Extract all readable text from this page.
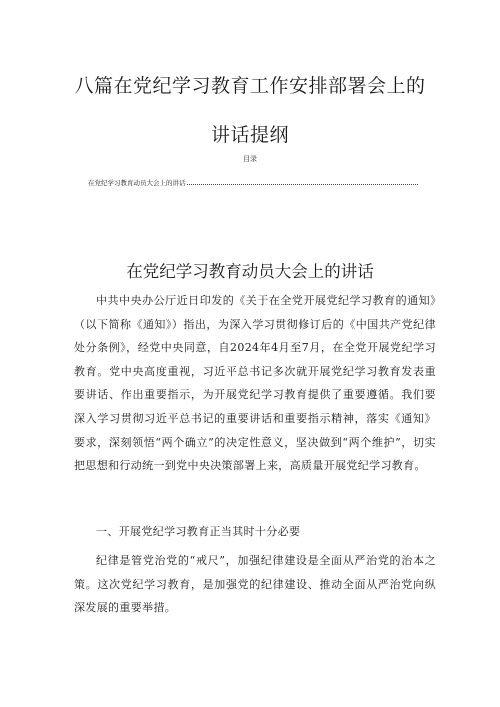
八篇在党纪学习教育工作安排部署会上的
讲话提纲
目录
在党纪学习教育动员大会上的讲话
在党纪学习教育动员大会上的讲话

中共中央办公厅近日印发的《关于在全党开展党纪学习教育的通知》（以下简称《通知》）指出，为深入学习贯彻修订后的《中国共产党纪律处分条例》，经党中央同意，自2024年4月至7月，在全党开展党纪学习教育。党中央高度重视，习近平总书记多次就开展党纪学习教育发表重要讲话、作出重要指示，为开展党纪学习教育提供了重要遵循。我们要深入学习贯彻习近平总书记的重要讲话和重要指示精神，落实《通知》要求，深刻领悟“两个确立”的决定性意义，坚决做到“两个维护”，切实把思想和行动统一到党中央决策部署上来，高质量开展党纪学习教育。

一、开展党纪学习教育正当其时十分必要

纪律是管党治党的“戒尺”，加强纪律建设是全面从严治党的治本之策。这次党纪学习教育，是加强党的纪律建设、推动全面从严治党向纵深发展的重要举措。
